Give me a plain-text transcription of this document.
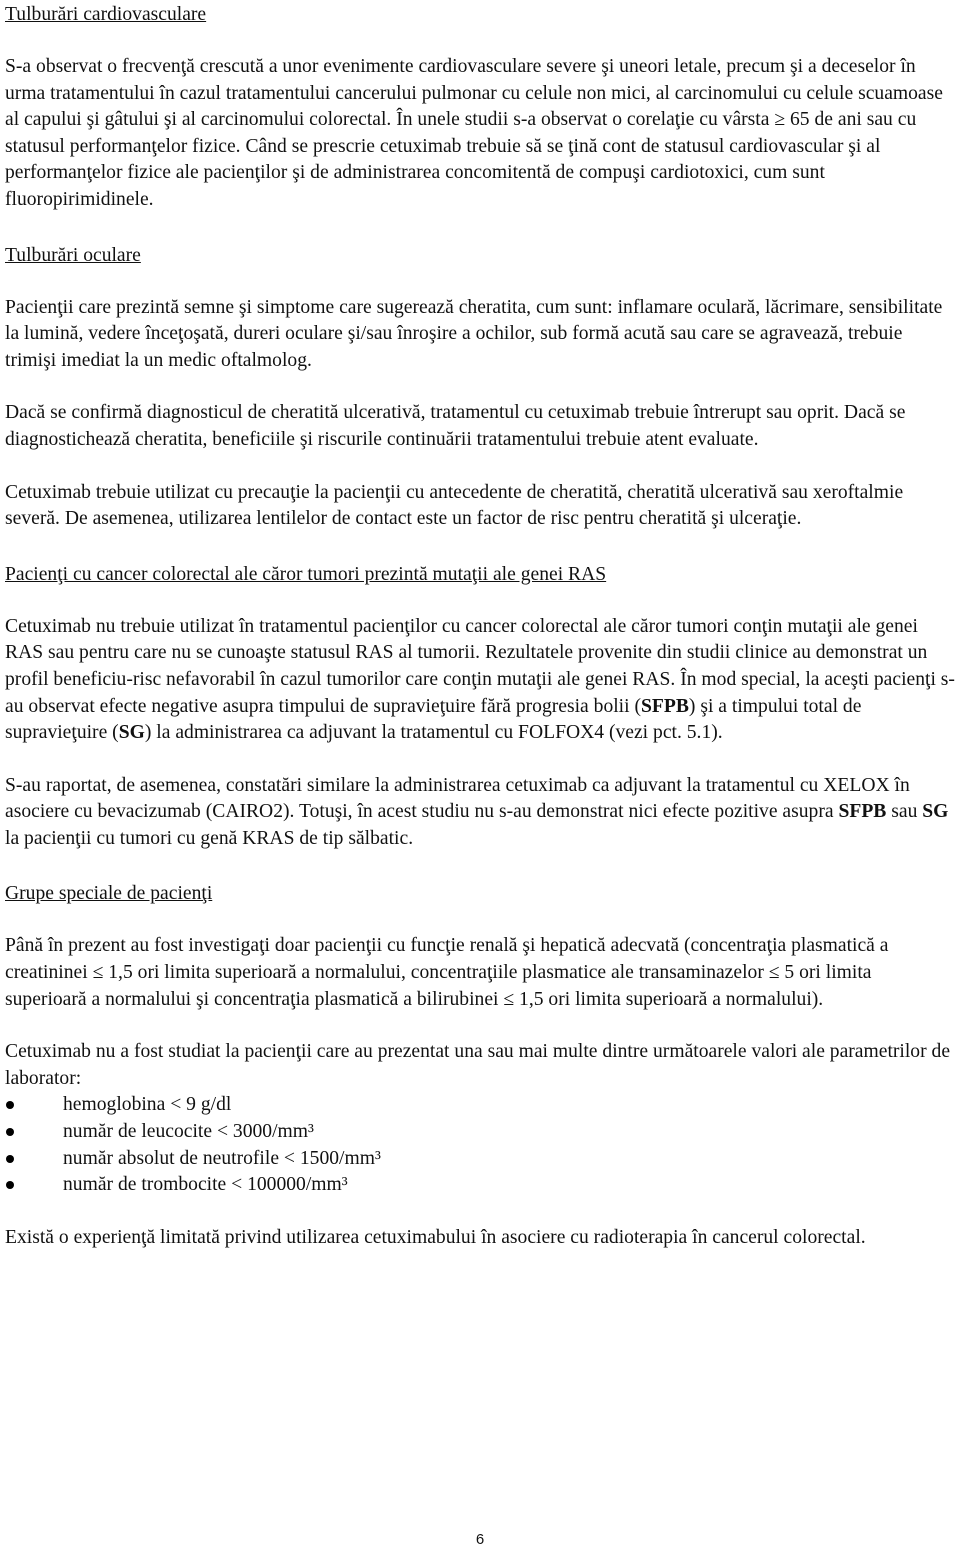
Tulburări cardiovasculare

S-a observat o frecvenţă crescută a unor evenimente cardiovasculare severe şi uneori letale, precum şi a deceselor în urma tratamentului în cazul tratamentului cancerului pulmonar cu celule non mici, al carcinomului cu celule scuamoase al capului şi gâtului şi al carcinomului colorectal. În unele studii s-a observat o corelaţie cu vârsta ≥ 65 de ani sau cu statusul performanţelor fizice. Când se prescrie cetuximab trebuie să se ţină cont de statusul cardiovascular şi al performanţelor fizice ale pacienţilor şi de administrarea concomitentă de compuşi cardiotoxici, cum sunt fluoropirimidinele.

Tulburări oculare

Pacienţii care prezintă semne şi simptome care sugerează cheratita, cum sunt: inflamare oculară, lăcrimare, sensibilitate la lumină, vedere înceţoşată, dureri oculare şi/sau înroşire a ochilor, sub formă acută sau care se agravează, trebuie trimişi imediat la un medic oftalmolog.

Dacă se confirmă diagnosticul de cheratită ulcerativă, tratamentul cu cetuximab trebuie întrerupt sau oprit. Dacă se diagnostichează cheratita, beneficiile şi riscurile continuării tratamentului trebuie atent evaluate.

Cetuximab trebuie utilizat cu precauţie la pacienţii cu antecedente de cheratită, cheratită ulcerativă sau xeroftalmie severă. De asemenea, utilizarea lentilelor de contact este un factor de risc pentru cheratită şi ulceraţie.

Pacienţi cu cancer colorectal ale căror tumori prezintă mutaţii ale genei RAS

Cetuximab nu trebuie utilizat în tratamentul pacienţilor cu cancer colorectal ale căror tumori conţin mutaţii ale genei RAS sau pentru care nu se cunoaşte statusul RAS al tumorii. Rezultatele provenite din studii clinice au demonstrat un profil beneficiu-risc nefavorabil în cazul tumorilor care conţin mutaţii ale genei RAS. În mod special, la aceşti pacienţi s-au observat efecte negative asupra timpului de supravieţuire fără progresia bolii (SFPB) şi a timpului total de supravieţuire (SG) la administrarea ca adjuvant la tratamentul cu FOLFOX4 (vezi pct. 5.1).

S-au raportat, de asemenea, constatări similare la administrarea cetuximab ca adjuvant la tratamentul cu XELOX în asociere cu bevacizumab (CAIRO2). Totuşi, în acest studiu nu s-au demonstrat nici efecte pozitive asupra SFPB sau SG la pacienţii cu tumori cu genă KRAS de tip sălbatic.

Grupe speciale de pacienţi

Până în prezent au fost investigaţi doar pacienţii cu funcţie renală şi hepatică adecvată (concentraţia plasmatică a creatininei ≤ 1,5 ori limita superioară a normalului, concentraţiile plasmatice ale transaminazelor ≤ 5 ori limita superioară a normalului şi concentraţia plasmatică a bilirubinei ≤ 1,5 ori limita superioară a normalului).

Cetuximab nu a fost studiat la pacienţii care au prezentat una sau mai multe dintre următoarele valori ale parametrilor de laborator:

hemoglobina < 9 g/dl
număr de leucocite < 3000/mm³
număr absolut de neutrofile < 1500/mm³
număr de trombocite < 100000/mm³

Există o experienţă limitată privind utilizarea cetuximabului în asociere cu radioterapia în cancerul colorectal.

6
